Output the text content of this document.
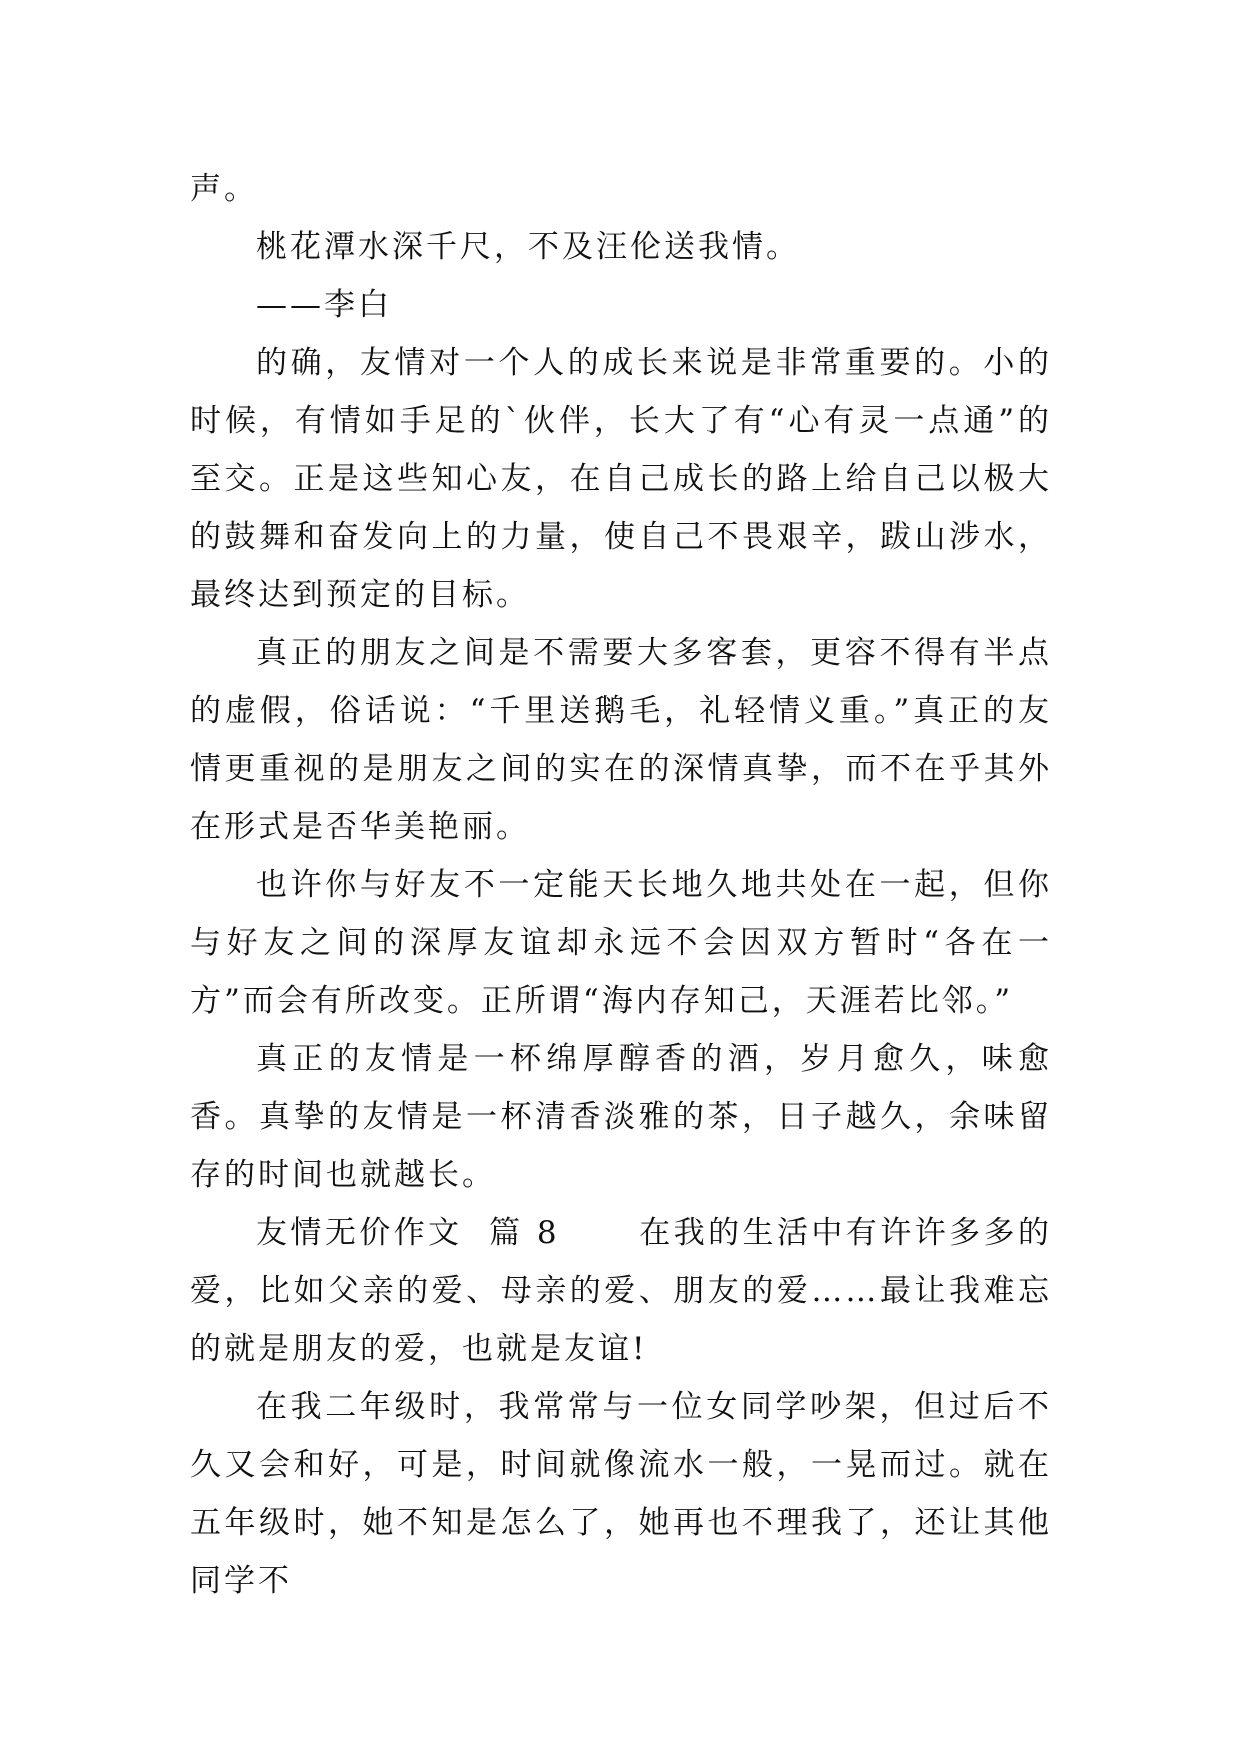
声。

桃花潭水深千尺，不及汪伦送我情。

——李白

的确，友情对一个人的成长来说是非常重要的。小的时候，有情如手足的`伙伴，长大了有“心有灵一点通”的至交。正是这些知心友，在自己成长的路上给自己以极大的鼓舞和奋发向上的力量，使自己不畏艰辛，跋山涉水，最终达到预定的目标。

真正的朋友之间是不需要大多客套，更容不得有半点的虚假，俗话说：“千里送鹅毛，礼轻情义重。”真正的友情更重视的是朋友之间的实在的深情真挚，而不在乎其外在形式是否华美艳丽。

也许你与好友不一定能天长地久地共处在一起，但你与好友之间的深厚友谊却永远不会因双方暂时“各在一方”而会有所改变。正所谓“海内存知己，天涯若比邻。”

真正的友情是一杯绵厚醇香的酒，岁月愈久，味愈香。真挚的友情是一杯清香淡雅的茶，日子越久，余味留存的时间也就越长。

友情无价作文  篇 8      在我的生活中有许许多多的爱，比如父亲的爱、母亲的爱、朋友的爱……最让我难忘的就是朋友的爱，也就是友谊!

在我二年级时，我常常与一位女同学吵架，但过后不久又会和好，可是，时间就像流水一般，一晃而过。就在五年级时，她不知是怎么了，她再也不理我了，还让其他同学不
